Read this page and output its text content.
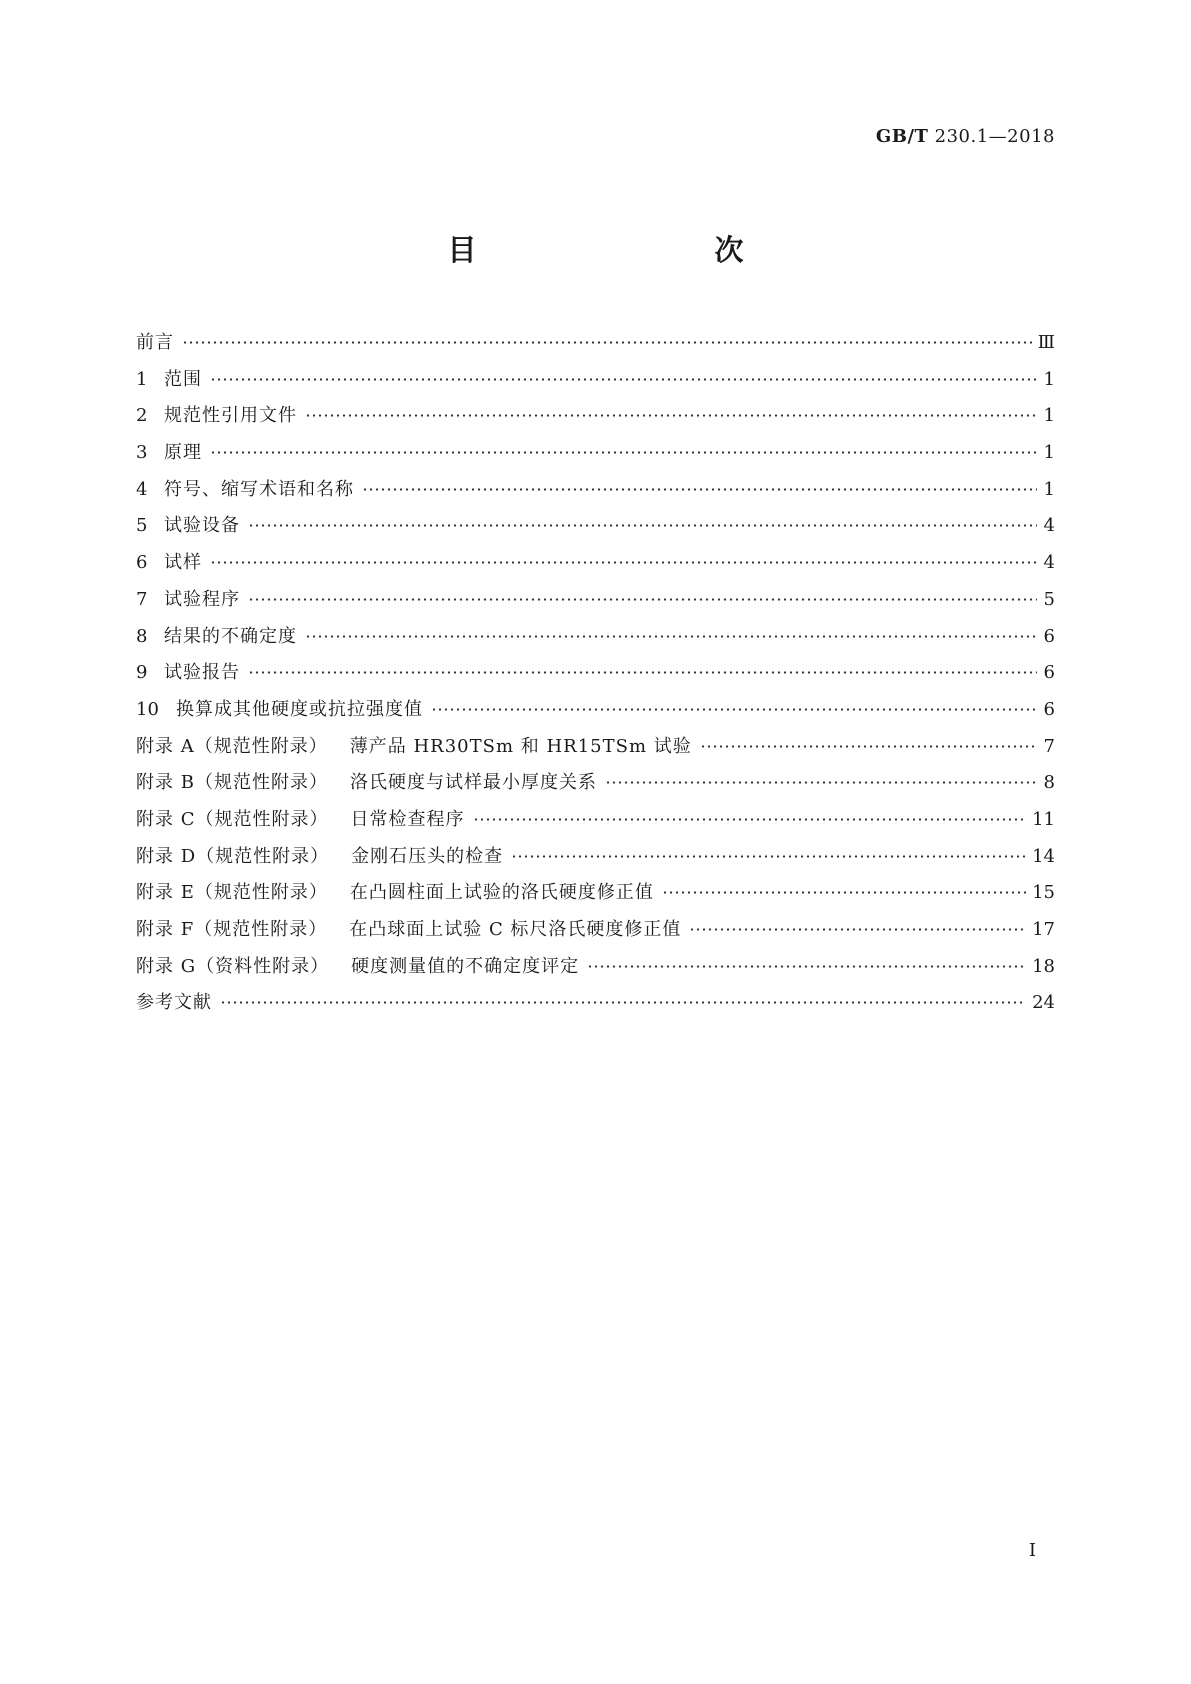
GB/T 230.1—2018
目　　次
前言	Ⅲ
1 范围	1
2 规范性引用文件	1
3 原理	1
4 符号、缩写术语和名称	1
5 试验设备	4
6 试样	4
7 试验程序	5
8 结果的不确定度	6
9 试验报告	6
10 换算成其他硬度或抗拉强度值	6
附录 A（规范性附录） 薄产品 HR30TSm 和 HR15TSm 试验	7
附录 B（规范性附录） 洛氏硬度与试样最小厚度关系	8
附录 C（规范性附录） 日常检查程序	11
附录 D（规范性附录） 金刚石压头的检查	14
附录 E（规范性附录） 在凸圆柱面上试验的洛氏硬度修正值	15
附录 F（规范性附录） 在凸球面上试验 C 标尺洛氏硬度修正值	17
附录 G（资料性附录） 硬度测量值的不确定度评定	18
参考文献	24
I
